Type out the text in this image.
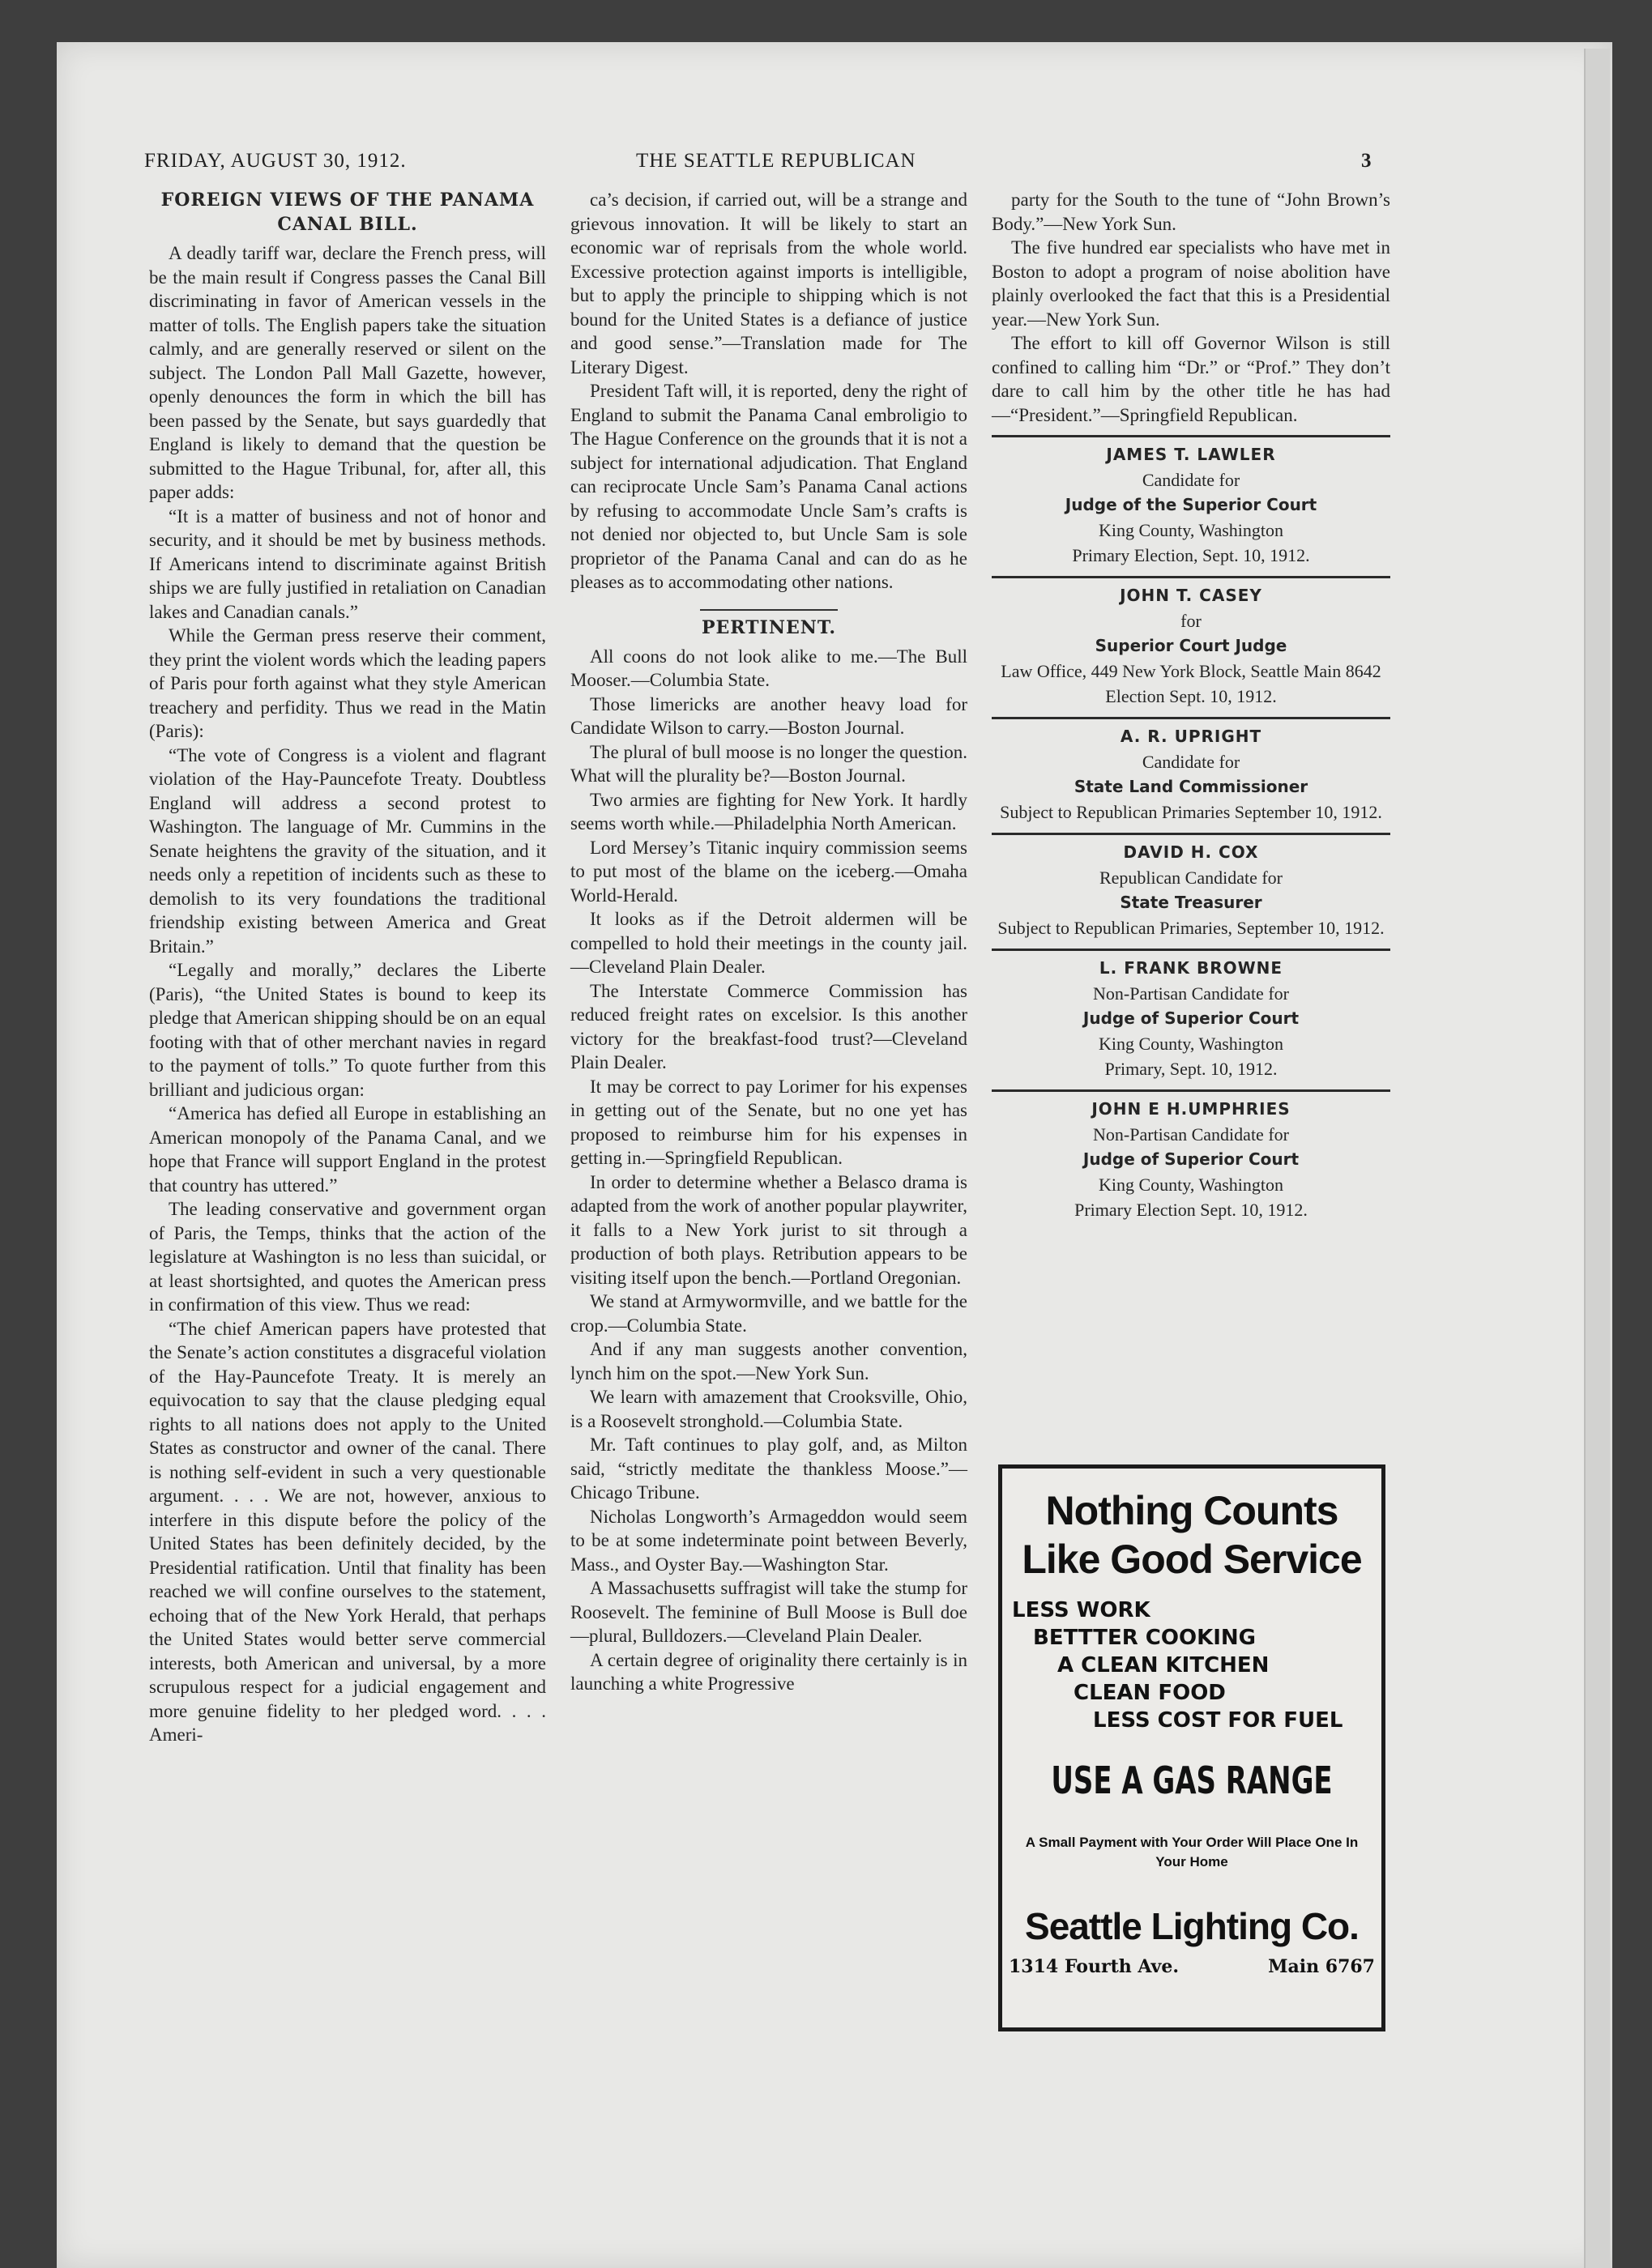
FRIDAY, AUGUST 30, 1912.	THE SEATTLE REPUBLICAN	3
FOREIGN VIEWS OF THE PANAMA CANAL BILL.

A deadly tariff war, declare the French press, will be the main result if Congress passes the Canal Bill discriminating in favor of American vessels in the matter of tolls. The English papers take the situation calmly, and are generally reserved or silent on the subject. The London Pall Mall Gazette, however, openly denounces the form in which the bill has been passed by the Senate, but says guardedly that England is likely to demand that the question be submitted to the Hague Tribunal, for, after all, this paper adds:

“It is a matter of business and not of honor and security, and it should be met by business methods. If Americans intend to discriminate against British ships we are fully justified in retaliation on Canadian lakes and Canadian canals.”

While the German press reserve their comment, they print the violent words which the leading papers of Paris pour forth against what they style American treachery and perfidity. Thus we read in the Matin (Paris):

“The vote of Congress is a violent and flagrant violation of the Hay-Pauncefote Treaty. Doubtless England will address a second protest to Washington. The language of Mr. Cummins in the Senate heightens the gravity of the situation, and it needs only a repetition of incidents such as these to demolish to its very foundations the traditional friendship existing between America and Great Britain.”

“Legally and morally,” declares the Liberte (Paris), “the United States is bound to keep its pledge that American shipping should be on an equal footing with that of other merchant navies in regard to the payment of tolls.” To quote further from this brilliant and judicious organ:

“America has defied all Europe in establishing an American monopoly of the Panama Canal, and we hope that France will support England in the protest that country has uttered.”

The leading conservative and government organ of Paris, the Temps, thinks that the action of the legislature at Washington is no less than suicidal, or at least shortsighted, and quotes the American press in confirmation of this view. Thus we read:

“The chief American papers have protested that the Senate’s action constitutes a disgraceful violation of the Hay-Pauncefote Treaty. It is merely an equivocation to say that the clause pledging equal rights to all nations does not apply to the United States as constructor and owner of the canal. There is nothing self-evident in such a very questionable argument. . . . We are not, however, anxious to interfere in this dispute before the policy of the United States has been definitely decided, by the Presidential ratification. Until that finality has been reached we will confine ourselves to the statement, echoing that of the New York Herald, that perhaps the United States would better serve commercial interests, both American and universal, by a more scrupulous respect for a judicial engagement and more genuine fidelity to her pledged word. . . . Ameri-

ca’s decision, if carried out, will be a strange and grievous innovation. It will be likely to start an economic war of reprisals from the whole world. Excessive protection against imports is intelligible, but to apply the principle to shipping which is not bound for the United States is a defiance of justice and good sense.”—Translation made for The Literary Digest.

President Taft will, it is reported, deny the right of England to submit the Panama Canal embroligio to The Hague Conference on the grounds that it is not a subject for international adjudication. That England can reciprocate Uncle Sam’s Panama Canal actions by refusing to accommodate Uncle Sam’s crafts is not denied nor objected to, but Uncle Sam is sole proprietor of the Panama Canal and can do as he pleases as to accommodating other nations.

PERTINENT.

All coons do not look alike to me.—The Bull Mooser.—Columbia State.

Those limericks are another heavy load for Candidate Wilson to carry.—Boston Journal.

The plural of bull moose is no longer the question. What will the plurality be?—Boston Journal.

Two armies are fighting for New York. It hardly seems worth while.—Philadelphia North American.

Lord Mersey’s Titanic inquiry commission seems to put most of the blame on the iceberg.—Omaha World-Herald.

It looks as if the Detroit aldermen will be compelled to hold their meetings in the county jail.—Cleveland Plain Dealer.

The Interstate Commerce Commission has reduced freight rates on excelsior. Is this another victory for the breakfast-food trust?—Cleveland Plain Dealer.

It may be correct to pay Lorimer for his expenses in getting out of the Senate, but no one yet has proposed to reimburse him for his expenses in getting in.—Springfield Republican.

In order to determine whether a Belasco drama is adapted from the work of another popular playwriter, it falls to a New York jurist to sit through a production of both plays. Retribution appears to be visiting itself upon the bench.—Portland Oregonian.

We stand at Armywormville, and we battle for the crop.—Columbia State.

And if any man suggests another convention, lynch him on the spot.—New York Sun.

We learn with amazement that Crooksville, Ohio, is a Roosevelt stronghold.—Columbia State.

Mr. Taft continues to play golf, and, as Milton said, “strictly meditate the thankless Moose.”—Chicago Tribune.

Nicholas Longworth’s Armageddon would seem to be at some indeterminate point between Beverly, Mass., and Oyster Bay.—Washington Star.

A Massachusetts suffragist will take the stump for Roosevelt. The feminine of Bull Moose is Bull doe—plural, Bulldozers.—Cleveland Plain Dealer.

A certain degree of originality there certainly is in launching a white Progressive

party for the South to the tune of “John Brown’s Body.”—New York Sun.

The five hundred ear specialists who have met in Boston to adopt a program of noise abolition have plainly overlooked the fact that this is a Presidential year.—New York Sun.

The effort to kill off Governor Wilson is still confined to calling him “Dr.” or “Prof.” They don’t dare to call him by the other title he has had—“President.”—Springfield Republican.

JAMES T. LAWLER
Candidate for
Judge of the Superior Court
King County, Washington
Primary Election, Sept. 10, 1912.
JOHN T. CASEY
for
Superior Court Judge
Law Office, 449 New York Block, Seattle Main 8642
Election Sept. 10, 1912.
A. R. UPRIGHT
Candidate for
State Land Commissioner
Subject to Republican Primaries September 10, 1912.
DAVID H. COX
Republican Candidate for
State Treasurer
Subject to Republican Primaries, September 10, 1912.
L. FRANK BROWNE
Non-Partisan Candidate for
Judge of Superior Court
King County, Washington
Primary, Sept. 10, 1912.
JOHN E H.UMPHRIES
Non-Partisan Candidate for
Judge of Superior Court
King County, Washington
Primary Election Sept. 10, 1912.
Nothing Counts
Like Good Service
LESS WORK
BETTTER COOKING
A CLEAN KITCHEN
CLEAN FOOD
LESS COST FOR FUEL
USE A GAS RANGE
A Small Payment with Your Order Will Place One In Your Home
Seattle Lighting Co.
1314 Fourth Ave.	Main 6767
